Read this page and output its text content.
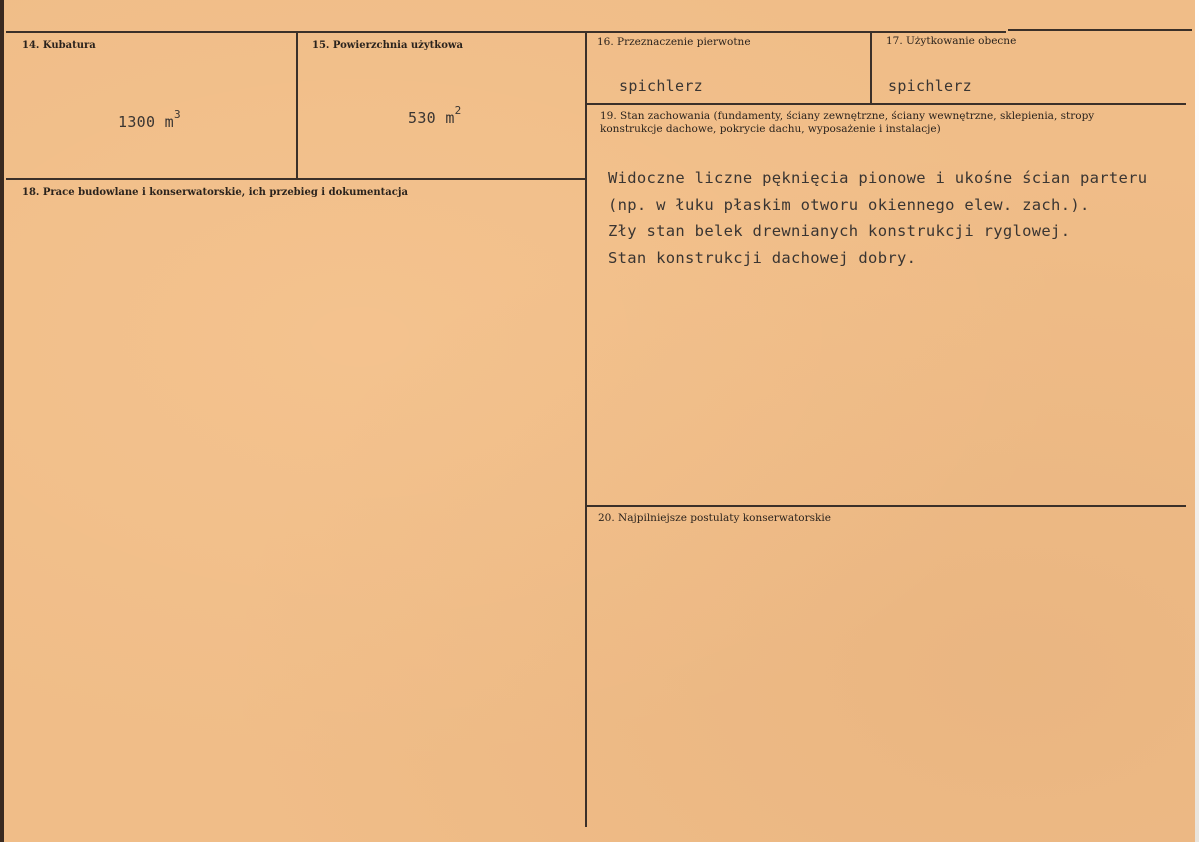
14. Kubatura
1300 $m^3$
15. Powierzchnia użytkowa
530 $m^2$
16. Przeznaczenie pierwotne
spichlerz
17. Użytkowanie obecne
spichlerz
18. Prace budowlane i konserwatorskie, ich przebieg i dokumentacja
19. Stan zachowania (fundamenty, ściany zewnętrzne, ściany wewnętrzne, sklepienia, stropy konstrukcje dachowe, pokrycie dachu, wyposażenie i instalacje)
Widoczne liczne pęknięcia pionowe i ukośne ścian parteru
(np. w łuku płaskim otworu okiennego elew. zach.).
Zły stan belek drewnianych konstrukcji ryglowej.
Stan konstrukcji dachowej dobry.
20. Najpilniejsze postulaty konserwatorskie
